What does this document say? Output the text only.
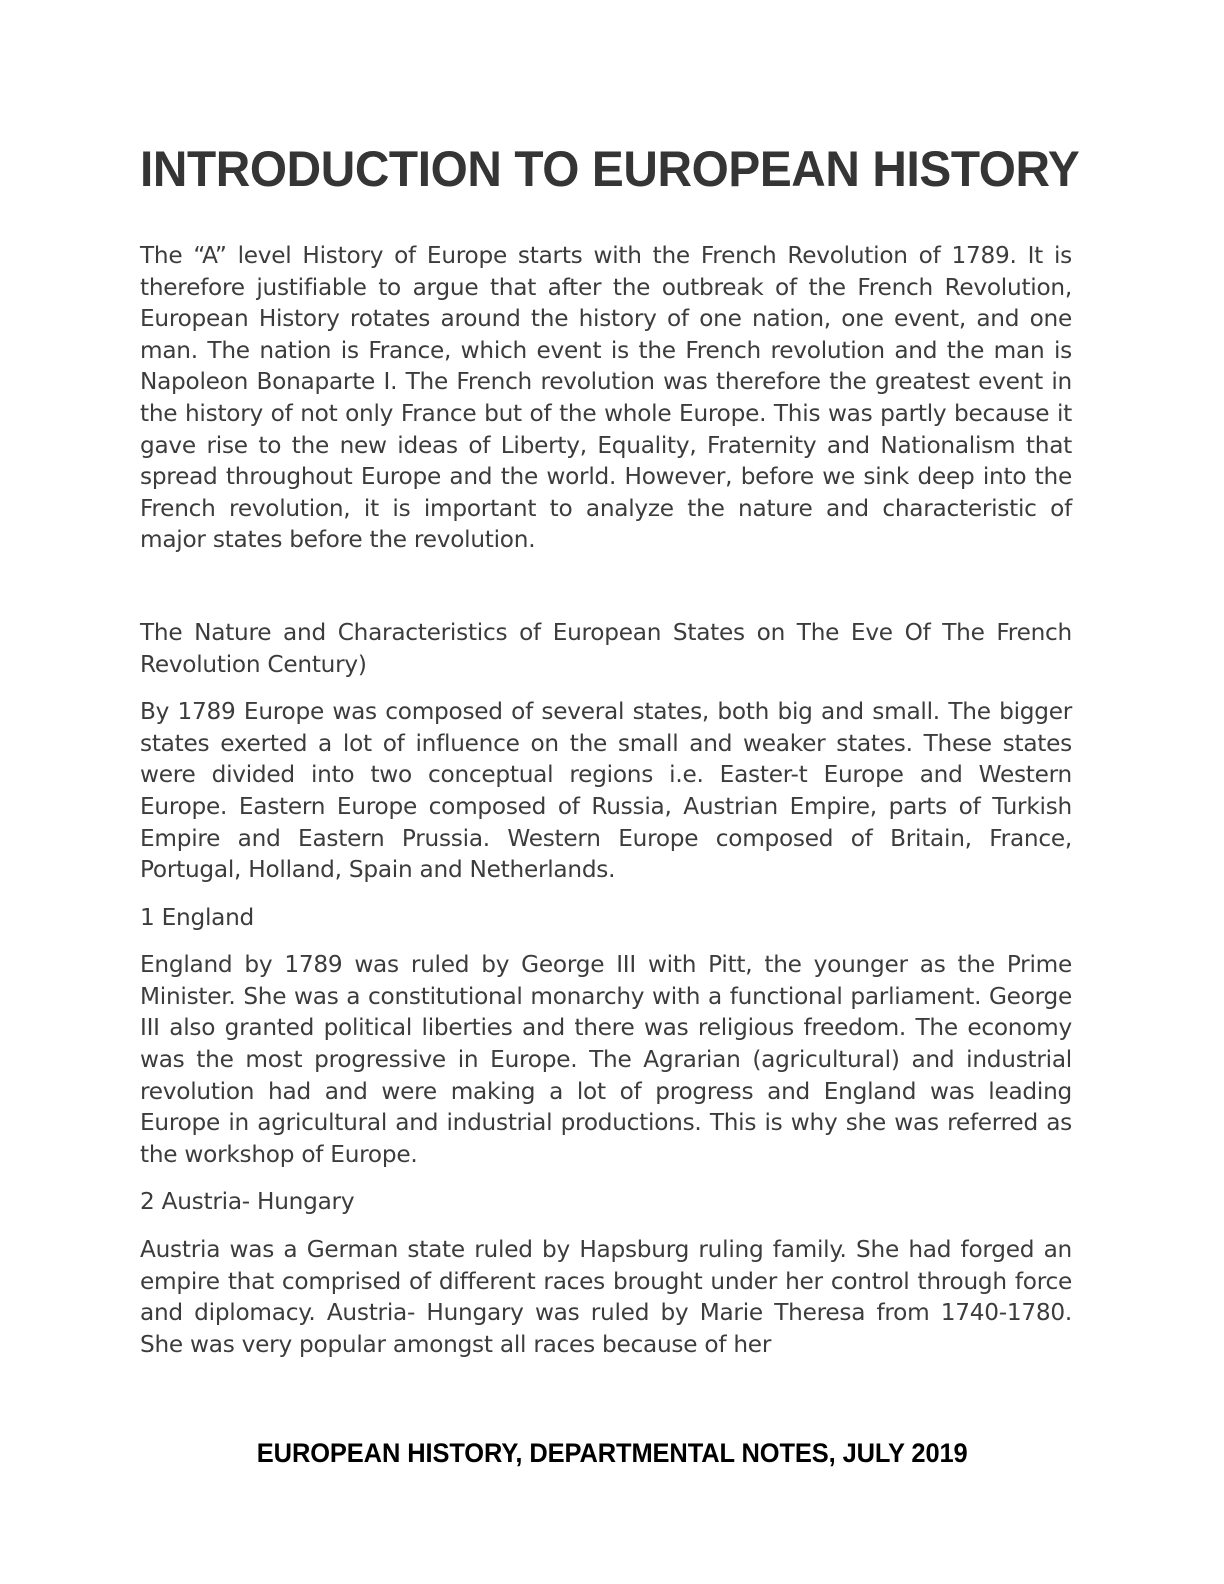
INTRODUCTION TO EUROPEAN HISTORY

The “A” level History of Europe starts with the French Revolution of 1789. It is therefore justifiable to argue that after the outbreak of the French Revolution, European History rotates around the history of one nation, one event, and one man. The nation is France, which event is the French revolution and the man is Napoleon Bonaparte I. The French revolution was therefore the greatest event in the history of not only France but of the whole Europe. This was partly because it gave rise to the new ideas of Liberty, Equality, Fraternity and Nationalism that spread throughout Europe and the world. However, before we sink deep into the French revolution, it is important to analyze the nature and characteristic of major states before the revolution.

The Nature and Characteristics of European States on The Eve Of The French Revolution Century)

By 1789 Europe was composed of several states, both big and small. The bigger states exerted a lot of influence on the small and weaker states. These states were divided into two conceptual regions i.e. Easter-t Europe and Western Europe. Eastern Europe composed of Russia, Austrian Empire, parts of Turkish Empire and Eastern Prussia. Western Europe composed of Britain, France, Portugal, Holland, Spain and Netherlands.

1 England

England by 1789 was ruled by George III with Pitt, the younger as the Prime Minister. She was a constitutional monarchy with a functional parliament. George III also granted political liberties and there was religious freedom. The economy was the most progressive in Europe. The Agrarian (agricultural) and industrial revolution had and were making a lot of progress and England was leading Europe in agricultural and industrial productions. This is why she was referred as the workshop of Europe.

2 Austria- Hungary

Austria was a German state ruled by Hapsburg ruling family. She had forged an empire that comprised of different races brought under her control through force and diplomacy. Austria- Hungary was ruled by Marie Theresa from 1740-1780. She was very popular amongst all races because of her

EUROPEAN HISTORY, DEPARTMENTAL NOTES, JULY 2019
